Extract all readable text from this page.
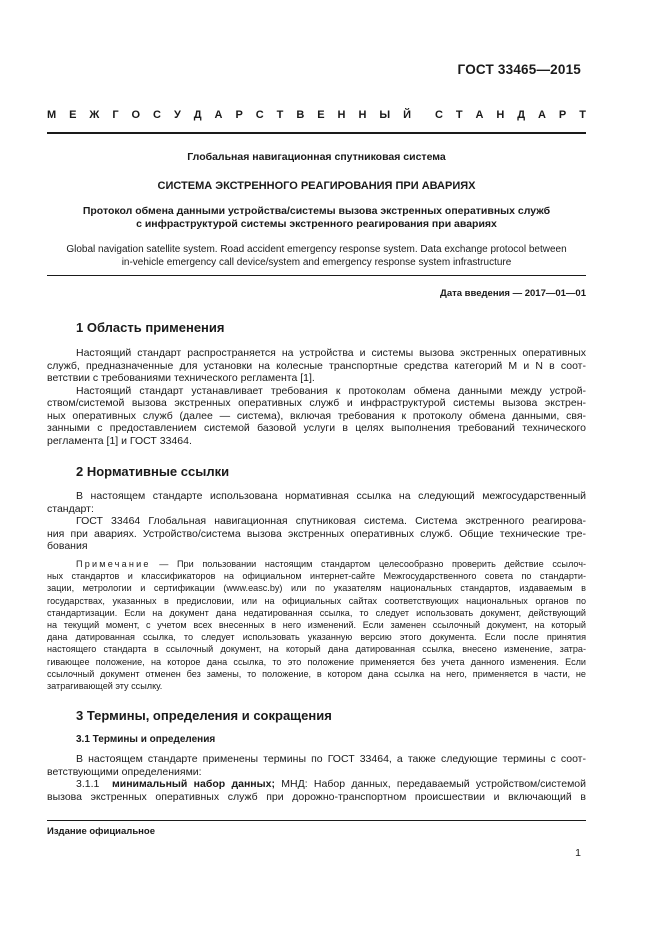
ГОСТ 33465—2015
М Е Ж Г О С У Д А Р С Т В Е Н Н Ы Й С Т А Н Д А Р Т
Глобальная навигационная спутниковая система
СИСТЕМА ЭКСТРЕННОГО РЕАГИРОВАНИЯ ПРИ АВАРИЯХ
Протокол обмена данными устройства/системы вызова экстренных оперативных служб
с инфраструктурой системы экстренного реагирования при авариях
Global navigation satellite system. Road accident emergency response system. Data exchange protocol between
in-vehicle emergency call device/system and emergency response system infrastructure
Дата введения — 2017—01—01
1 Область применения
Настоящий стандарт распространяется на устройства и системы вызова экстренных оперативных
служб, предназначенные для установки на колесные транспортные средства категорий M и N в соот-
ветствии с требованиями технического регламента [1].
Настоящий стандарт устанавливает требования к протоколам обмена данными между устрой-
ством/системой вызова экстренных оперативных служб и инфраструктурой системы вызова экстрен-
ных оперативных служб (далее — система), включая требования к протоколу обмена данными, свя-
занными с предоставлением системой базовой услуги в целях выполнения требований технического
регламента [1] и ГОСТ 33464.
2 Нормативные ссылки
В настоящем стандарте использована нормативная ссылка на следующий межгосударственный
стандарт:
ГОСТ 33464 Глобальная навигационная спутниковая система. Система экстренного реагирова-
ния при авариях. Устройство/система вызова экстренных оперативных служб. Общие технические тре-
бования
Примечание — При пользовании настоящим стандартом целесообразно проверить действие ссылоч-
ных стандартов и классификаторов на официальном интернет-сайте Межгосударственного совета по стандарти-
зации, метрологии и сертификации (www.easc.by) или по указателям национальных стандартов, издаваемым в
государствах, указанных в предисловии, или на официальных сайтах соответствующих национальных органов по
стандартизации. Если на документ дана недатированная ссылка, то следует использовать документ, действующий
на текущий момент, с учетом всех внесенных в него изменений. Если заменен ссылочный документ, на который
дана датированная ссылка, то следует использовать указанную версию этого документа. Если после принятия
настоящего стандарта в ссылочный документ, на который дана датированная ссылка, внесено изменение, затра-
гивающее положение, на которое дана ссылка, то это положение применяется без учета данного изменения. Если
ссылочный документ отменен без замены, то положение, в котором дана ссылка на него, применяется в части, не
затрагивающей эту ссылку.
3 Термины, определения и сокращения
3.1 Термины и определения
В настоящем стандарте применены термины по ГОСТ 33464, а также следующие термины с соот-
ветствующими определениями:
3.1.1 минимальный набор данных; МНД: Набор данных, передаваемый устройством/системой
вызова экстренных оперативных служб при дорожно-транспортном происшествии и включающий в
Издание официальное
1
